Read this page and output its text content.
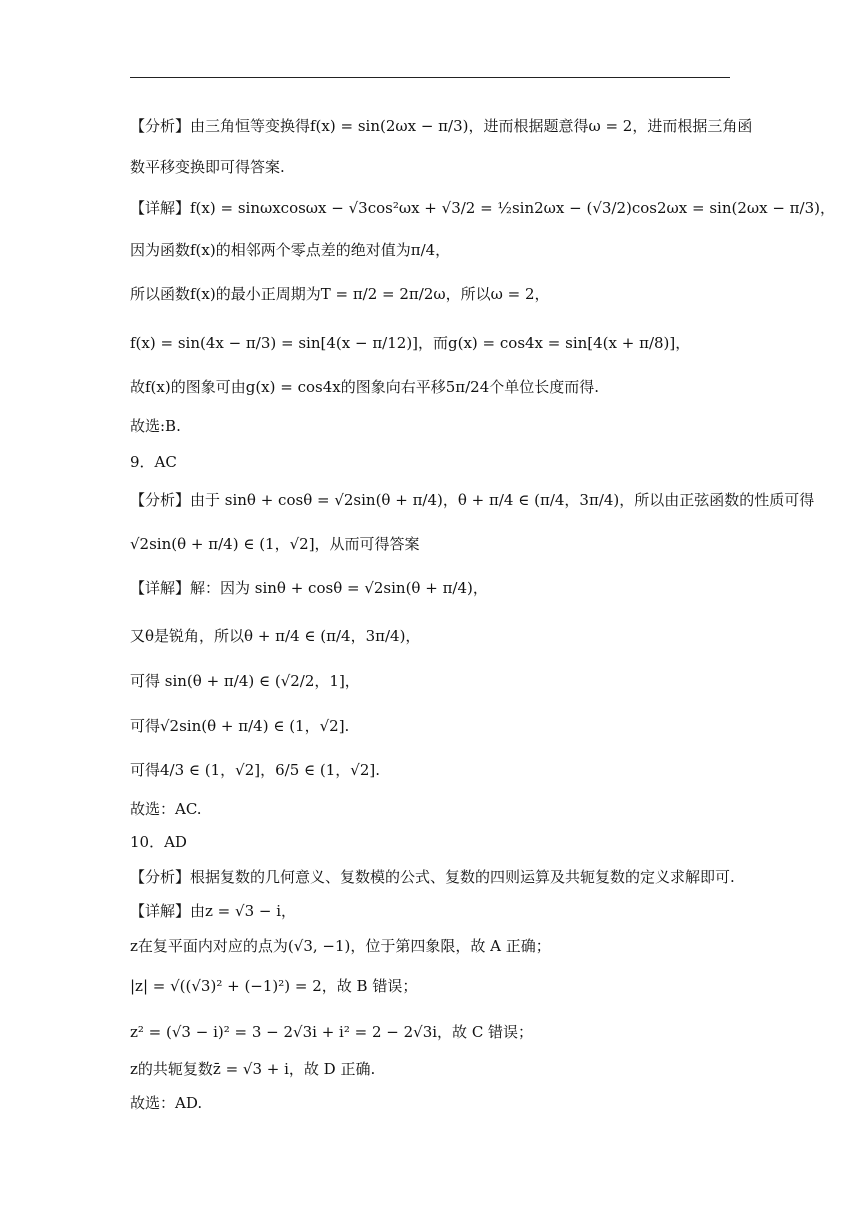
【分析】由三角恒等变换得f(x) = sin(2ωx − π/3)，进而根据题意得ω = 2，进而根据三角函
数平移变换即可得答案.
【详解】f(x) = sinωxcosωx − √3cos²ωx + √3/2 = ½sin2ωx − (√3/2)cos2ωx = sin(2ωx − π/3)，
因为函数f(x)的相邻两个零点差的绝对值为π/4，
所以函数f(x)的最小正周期为T = π/2 = 2π/2ω，所以ω = 2，
f(x) = sin(4x − π/3) = sin[4(x − π/12)]，而g(x) = cos4x = sin[4(x + π/8)]，
故f(x)的图象可由g(x) = cos4x的图象向右平移5π/24个单位长度而得.
故选:B.
9．AC
【分析】由于 sinθ + cosθ = √2sin(θ + π/4)，θ + π/4 ∈ (π/4，3π/4)，所以由正弦函数的性质可得
√2sin(θ + π/4) ∈ (1，√2]，从而可得答案
【详解】解：因为 sinθ + cosθ = √2sin(θ + π/4)，
又θ是锐角，所以θ + π/4 ∈ (π/4，3π/4)，
可得 sin(θ + π/4) ∈ (√2/2，1]，
可得√2sin(θ + π/4) ∈ (1，√2].
可得4/3 ∈ (1，√2]，6/5 ∈ (1，√2].
故选：AC.
10．AD
【分析】根据复数的几何意义、复数模的公式、复数的四则运算及共轭复数的定义求解即可.
【详解】由z = √3 − i，
z在复平面内对应的点为(√3, −1)，位于第四象限，故 A 正确；
|z| = √((√3)² + (−1)²) = 2，故 B 错误；
z² = (√3 − i)² = 3 − 2√3i + i² = 2 − 2√3i，故 C 错误；
z的共轭复数z̄ = √3 + i，故 D 正确.
故选：AD.
